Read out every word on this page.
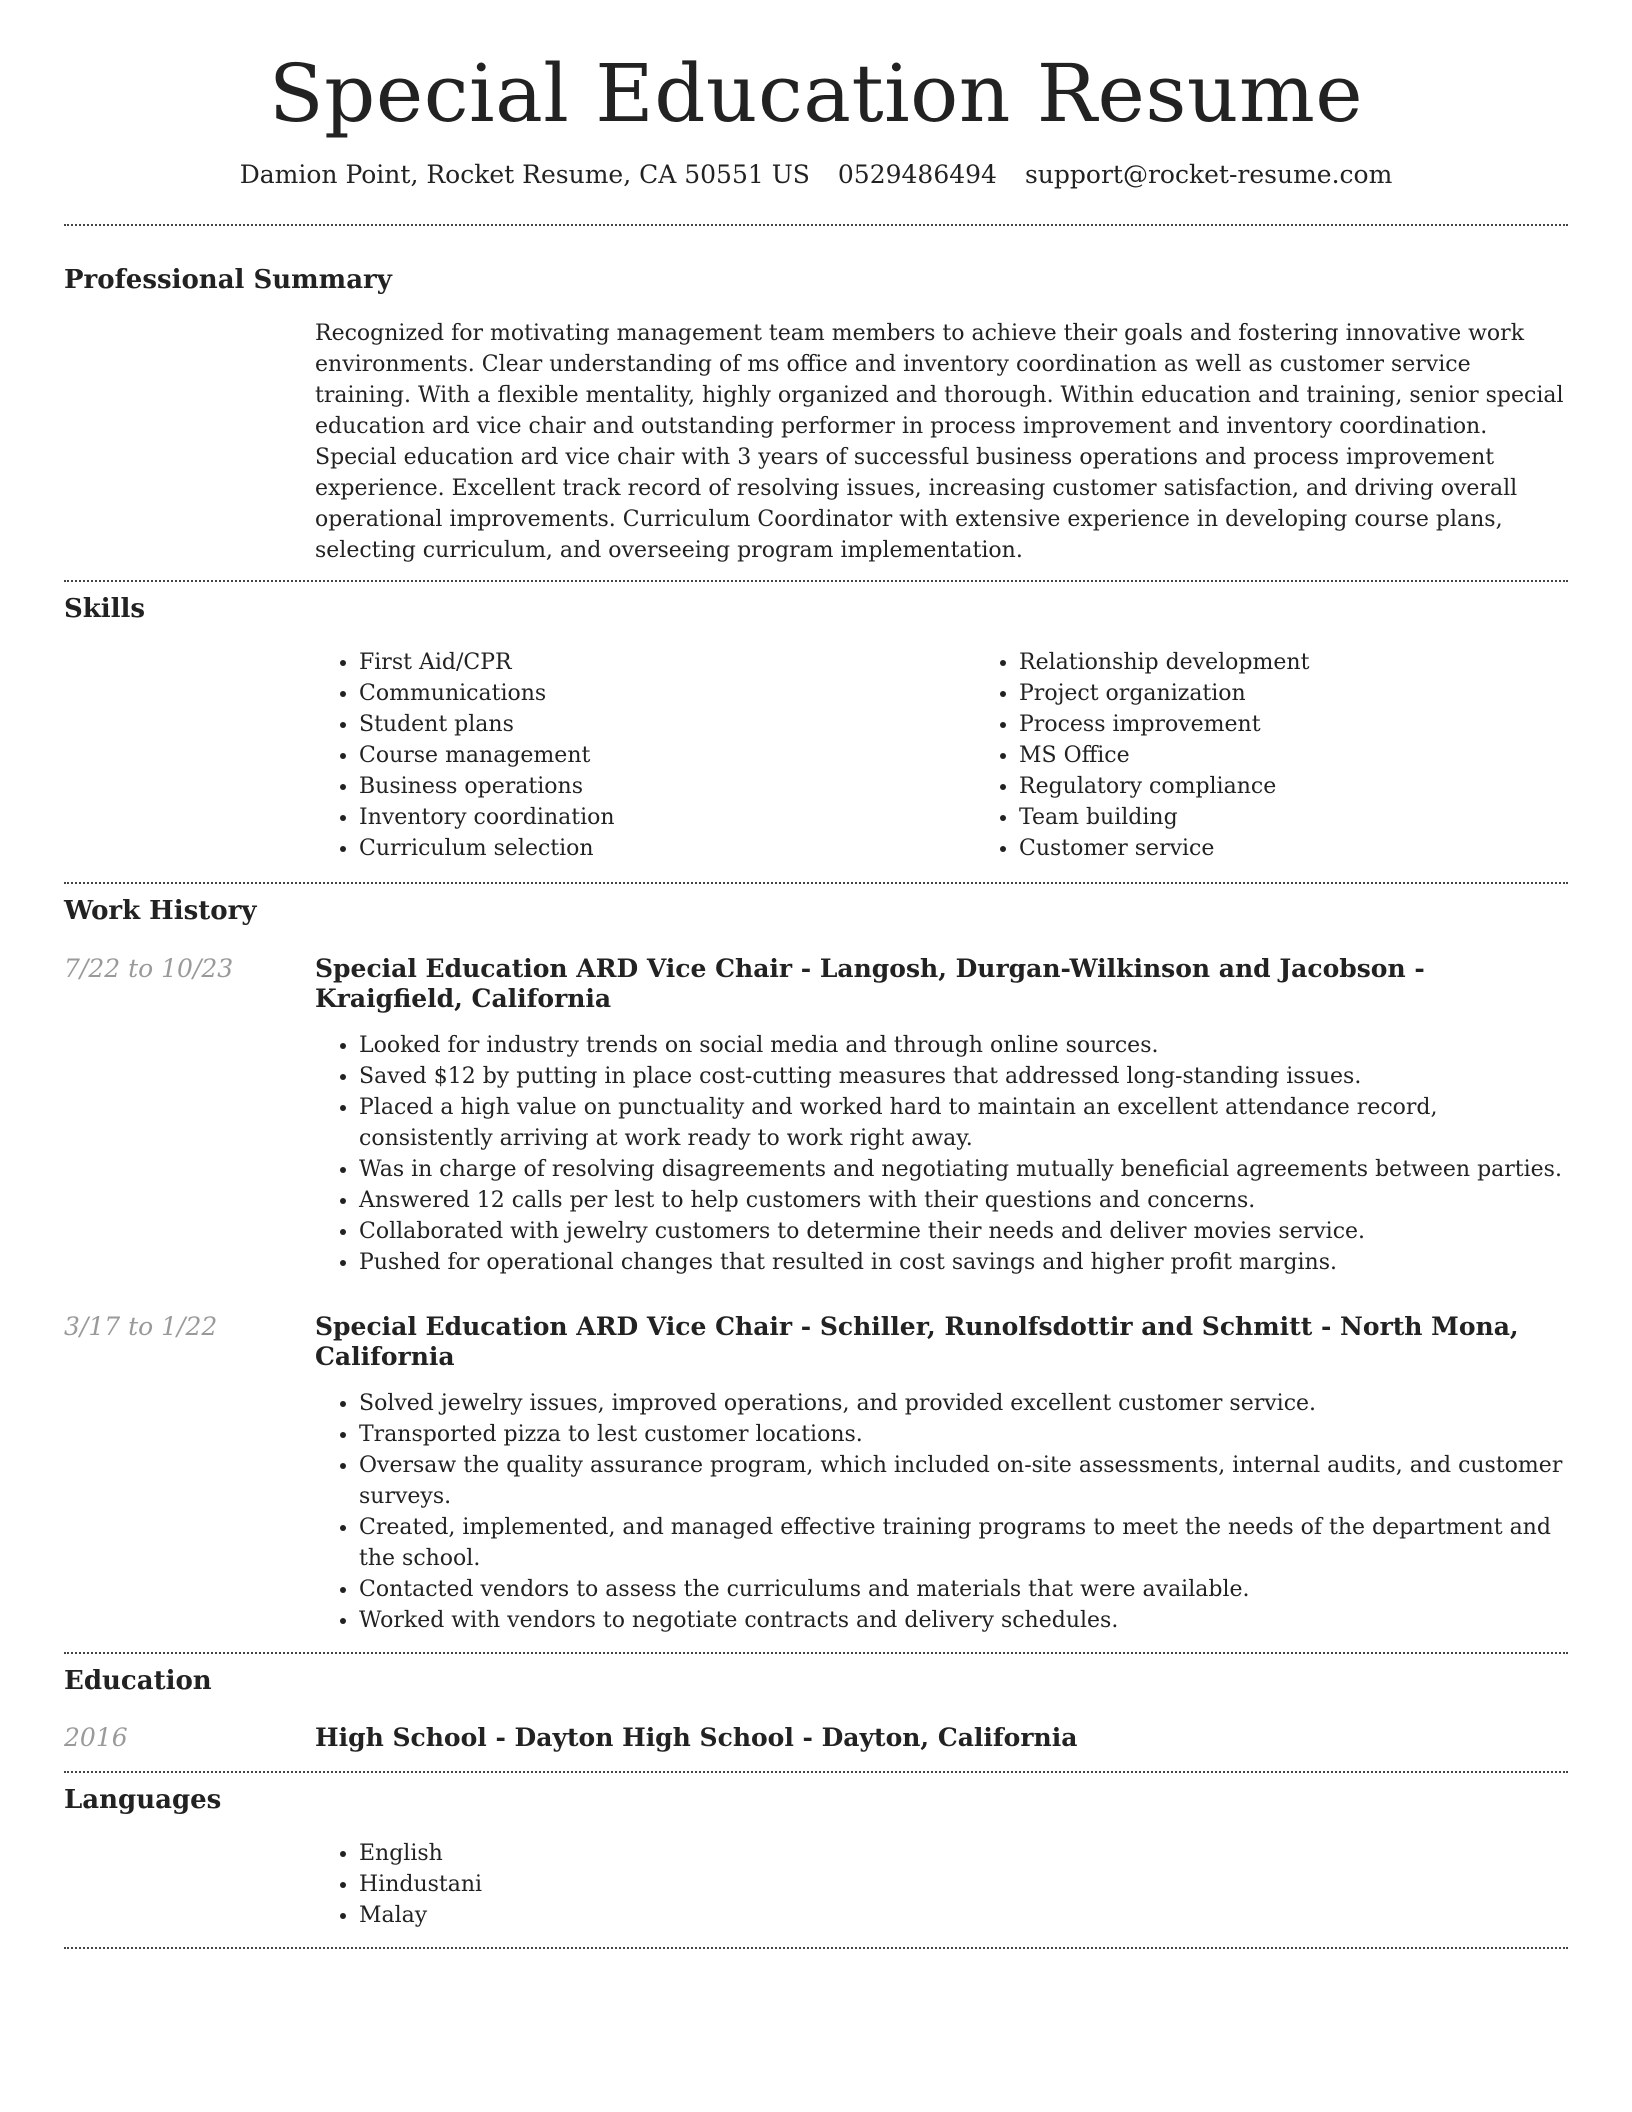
Special Education Resume
Damion Point, Rocket Resume, CA 50551 US 0529486494 support@rocket-resume.com
Professional Summary

Recognized for motivating management team members to achieve their goals and fostering innovative work environments. Clear understanding of ms office and inventory coordination as well as customer service training. With a flexible mentality, highly organized and thorough. Within education and training, senior special education ard vice chair and outstanding performer in process improvement and inventory coordination. Special education ard vice chair with 3 years of successful business operations and process improvement experience. Excellent track record of resolving issues, increasing customer satisfaction, and driving overall operational improvements. Curriculum Coordinator with extensive experience in developing course plans, selecting curriculum, and overseeing program implementation.

Skills
• First Aid/CPR
• Communications
• Student plans
• Course management
• Business operations
• Inventory coordination
• Curriculum selection
• Relationship development
• Project organization
• Process improvement
• MS Office
• Regulatory compliance
• Team building
• Customer service
Work History
7/22 to 10/23	Special Education ARD Vice Chair - Langosh, Durgan-Wilkinson and Jacobson - Kraigfield, California
• Looked for industry trends on social media and through online sources.
• Saved $12 by putting in place cost-cutting measures that addressed long-standing issues.
• Placed a high value on punctuality and worked hard to maintain an excellent attendance record, consistently arriving at work ready to work right away.
• Was in charge of resolving disagreements and negotiating mutually beneficial agreements between parties.
• Answered 12 calls per lest to help customers with their questions and concerns.
• Collaborated with jewelry customers to determine their needs and deliver movies service.
• Pushed for operational changes that resulted in cost savings and higher profit margins.
3/17 to 1/22	Special Education ARD Vice Chair - Schiller, Runolfsdottir and Schmitt - North Mona, California
• Solved jewelry issues, improved operations, and provided excellent customer service.
• Transported pizza to lest customer locations.
• Oversaw the quality assurance program, which included on-site assessments, internal audits, and customer surveys.
• Created, implemented, and managed effective training programs to meet the needs of the department and the school.
• Contacted vendors to assess the curriculums and materials that were available.
• Worked with vendors to negotiate contracts and delivery schedules.
Education
2016	High School - Dayton High School - Dayton, California
Languages
• English
• Hindustani
• Malay
